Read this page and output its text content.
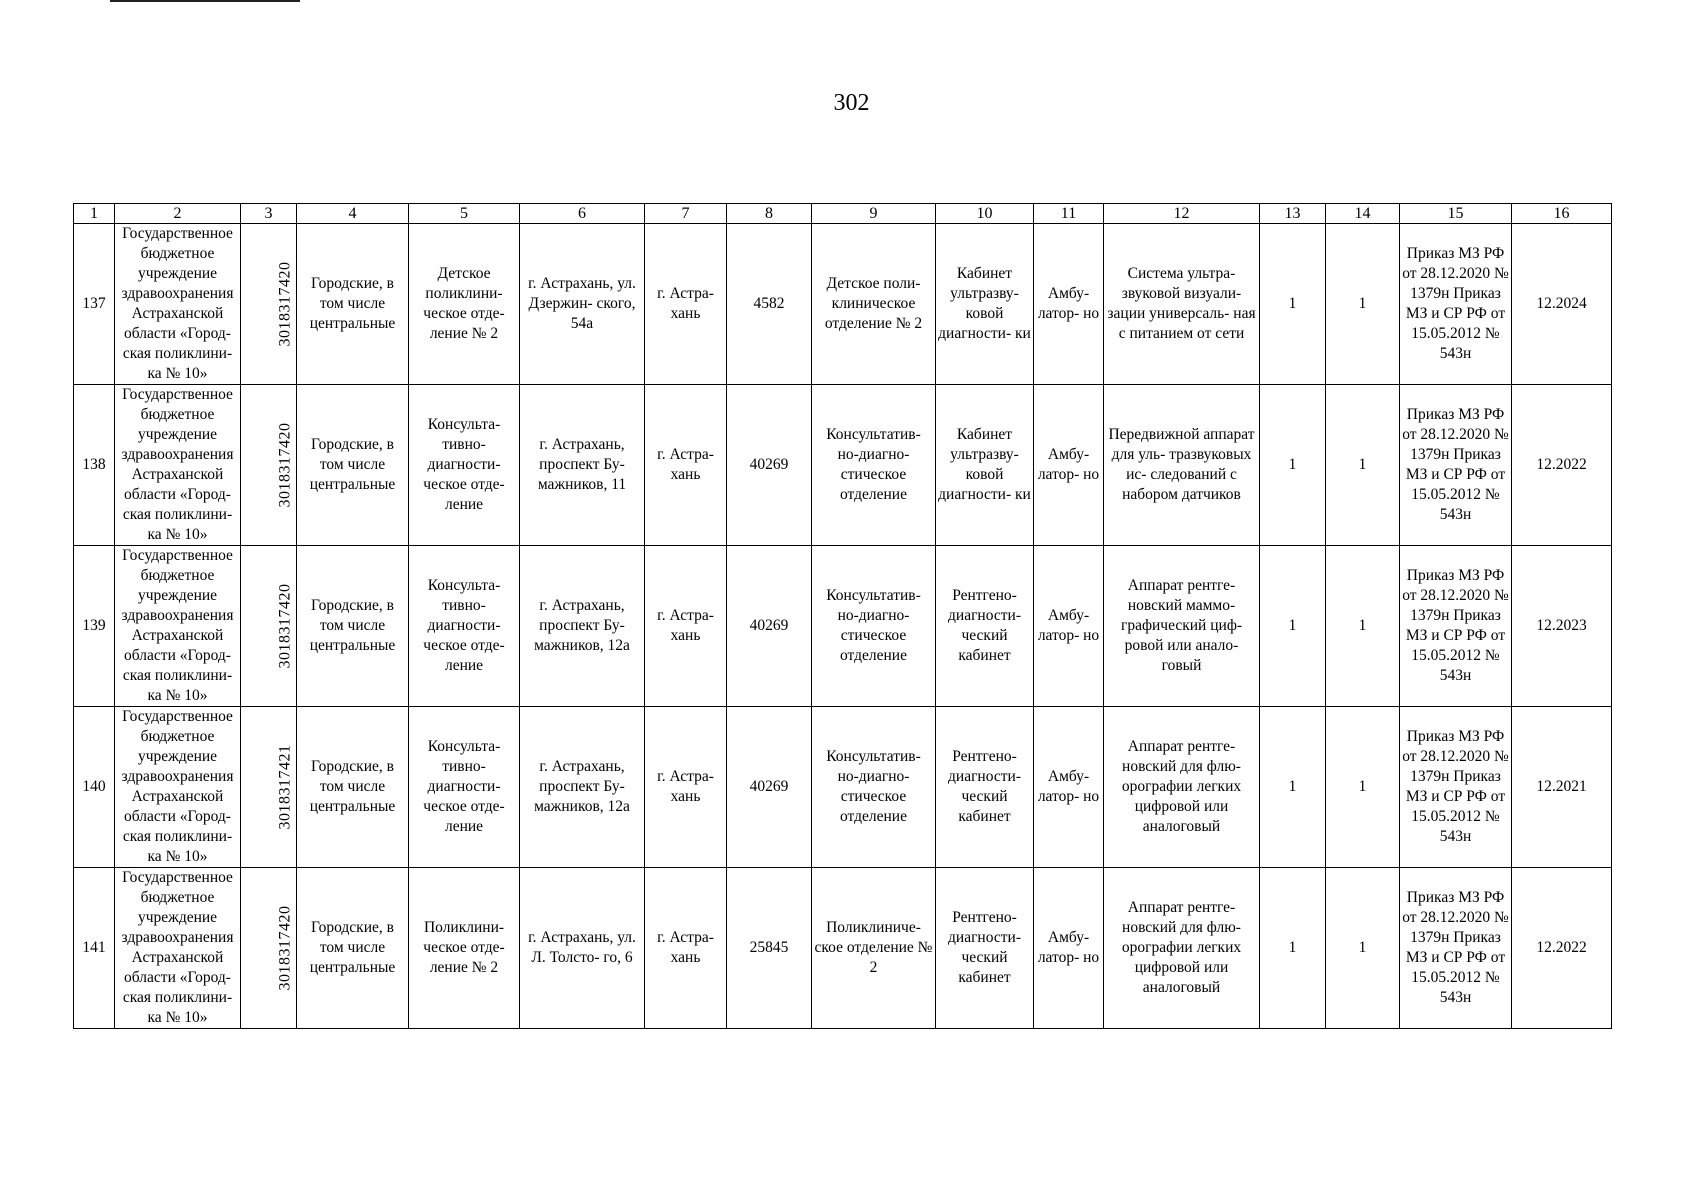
302
1	2	3	4	5	6	7	8	9	10	11	12	13	14	15	16
137	Государственное бюджетное учреждение здравоохранения Астраханской области «Город- ская поликлини- ка № 10»	3018317420	Городские, в том числе центральные	Детское поликлини- ческое отде- ление № 2	г. Астрахань, ул. Дзержин- ского, 54а	г. Астра- хань	4582	Детское поли- клиническое отделение № 2	Кабинет ультразву- ковой диагности- ки	Амбу- латор- но	Система ультра- звуковой визуали- зации универсаль- ная с питанием от сети	1	1	Приказ МЗ РФ от 28.12.2020 № 1379н Приказ МЗ и СР РФ от 15.05.2012 № 543н	12.2024
138	Государственное бюджетное учреждение здравоохранения Астраханской области «Город- ская поликлини- ка № 10»	3018317420	Городские, в том числе центральные	Консульта- тивно- диагности- ческое отде- ление	г. Астрахань, проспект Бу- мажников, 11	г. Астра- хань	40269	Консультатив- но-диагно- стическое отделение	Кабинет ультразву- ковой диагности- ки	Амбу- латор- но	Передвижной аппарат для уль- тразвуковых ис- следований с набором датчиков	1	1	Приказ МЗ РФ от 28.12.2020 № 1379н Приказ МЗ и СР РФ от 15.05.2012 № 543н	12.2022
139	Государственное бюджетное учреждение здравоохранения Астраханской области «Город- ская поликлини- ка № 10»	3018317420	Городские, в том числе центральные	Консульта- тивно- диагности- ческое отде- ление	г. Астрахань, проспект Бу- мажников, 12а	г. Астра- хань	40269	Консультатив- но-диагно- стическое отделение	Рентгено- диагности- ческий кабинет	Амбу- латор- но	Аппарат рентге- новский маммо- графический циф- ровой или анало- говый	1	1	Приказ МЗ РФ от 28.12.2020 № 1379н Приказ МЗ и СР РФ от 15.05.2012 № 543н	12.2023
140	Государственное бюджетное учреждение здравоохранения Астраханской области «Город- ская поликлини- ка № 10»	3018317421	Городские, в том числе центральные	Консульта- тивно- диагности- ческое отде- ление	г. Астрахань, проспект Бу- мажников, 12а	г. Астра- хань	40269	Консультатив- но-диагно- стическое отделение	Рентгено- диагности- ческий кабинет	Амбу- латор- но	Аппарат рентге- новский для флю- орографии легких цифровой или аналоговый	1	1	Приказ МЗ РФ от 28.12.2020 № 1379н Приказ МЗ и СР РФ от 15.05.2012 № 543н	12.2021
141	Государственное бюджетное учреждение здравоохранения Астраханской области «Город- ская поликлини- ка № 10»	3018317420	Городские, в том числе центральные	Поликлини- ческое отде- ление № 2	г. Астрахань, ул. Л. Толсто- го, 6	г. Астра- хань	25845	Поликлиниче- ское отделение № 2	Рентгено- диагности- ческий кабинет	Амбу- латор- но	Аппарат рентге- новский для флю- орографии легких цифровой или аналоговый	1	1	Приказ МЗ РФ от 28.12.2020 № 1379н Приказ МЗ и СР РФ от 15.05.2012 № 543н	12.2022
